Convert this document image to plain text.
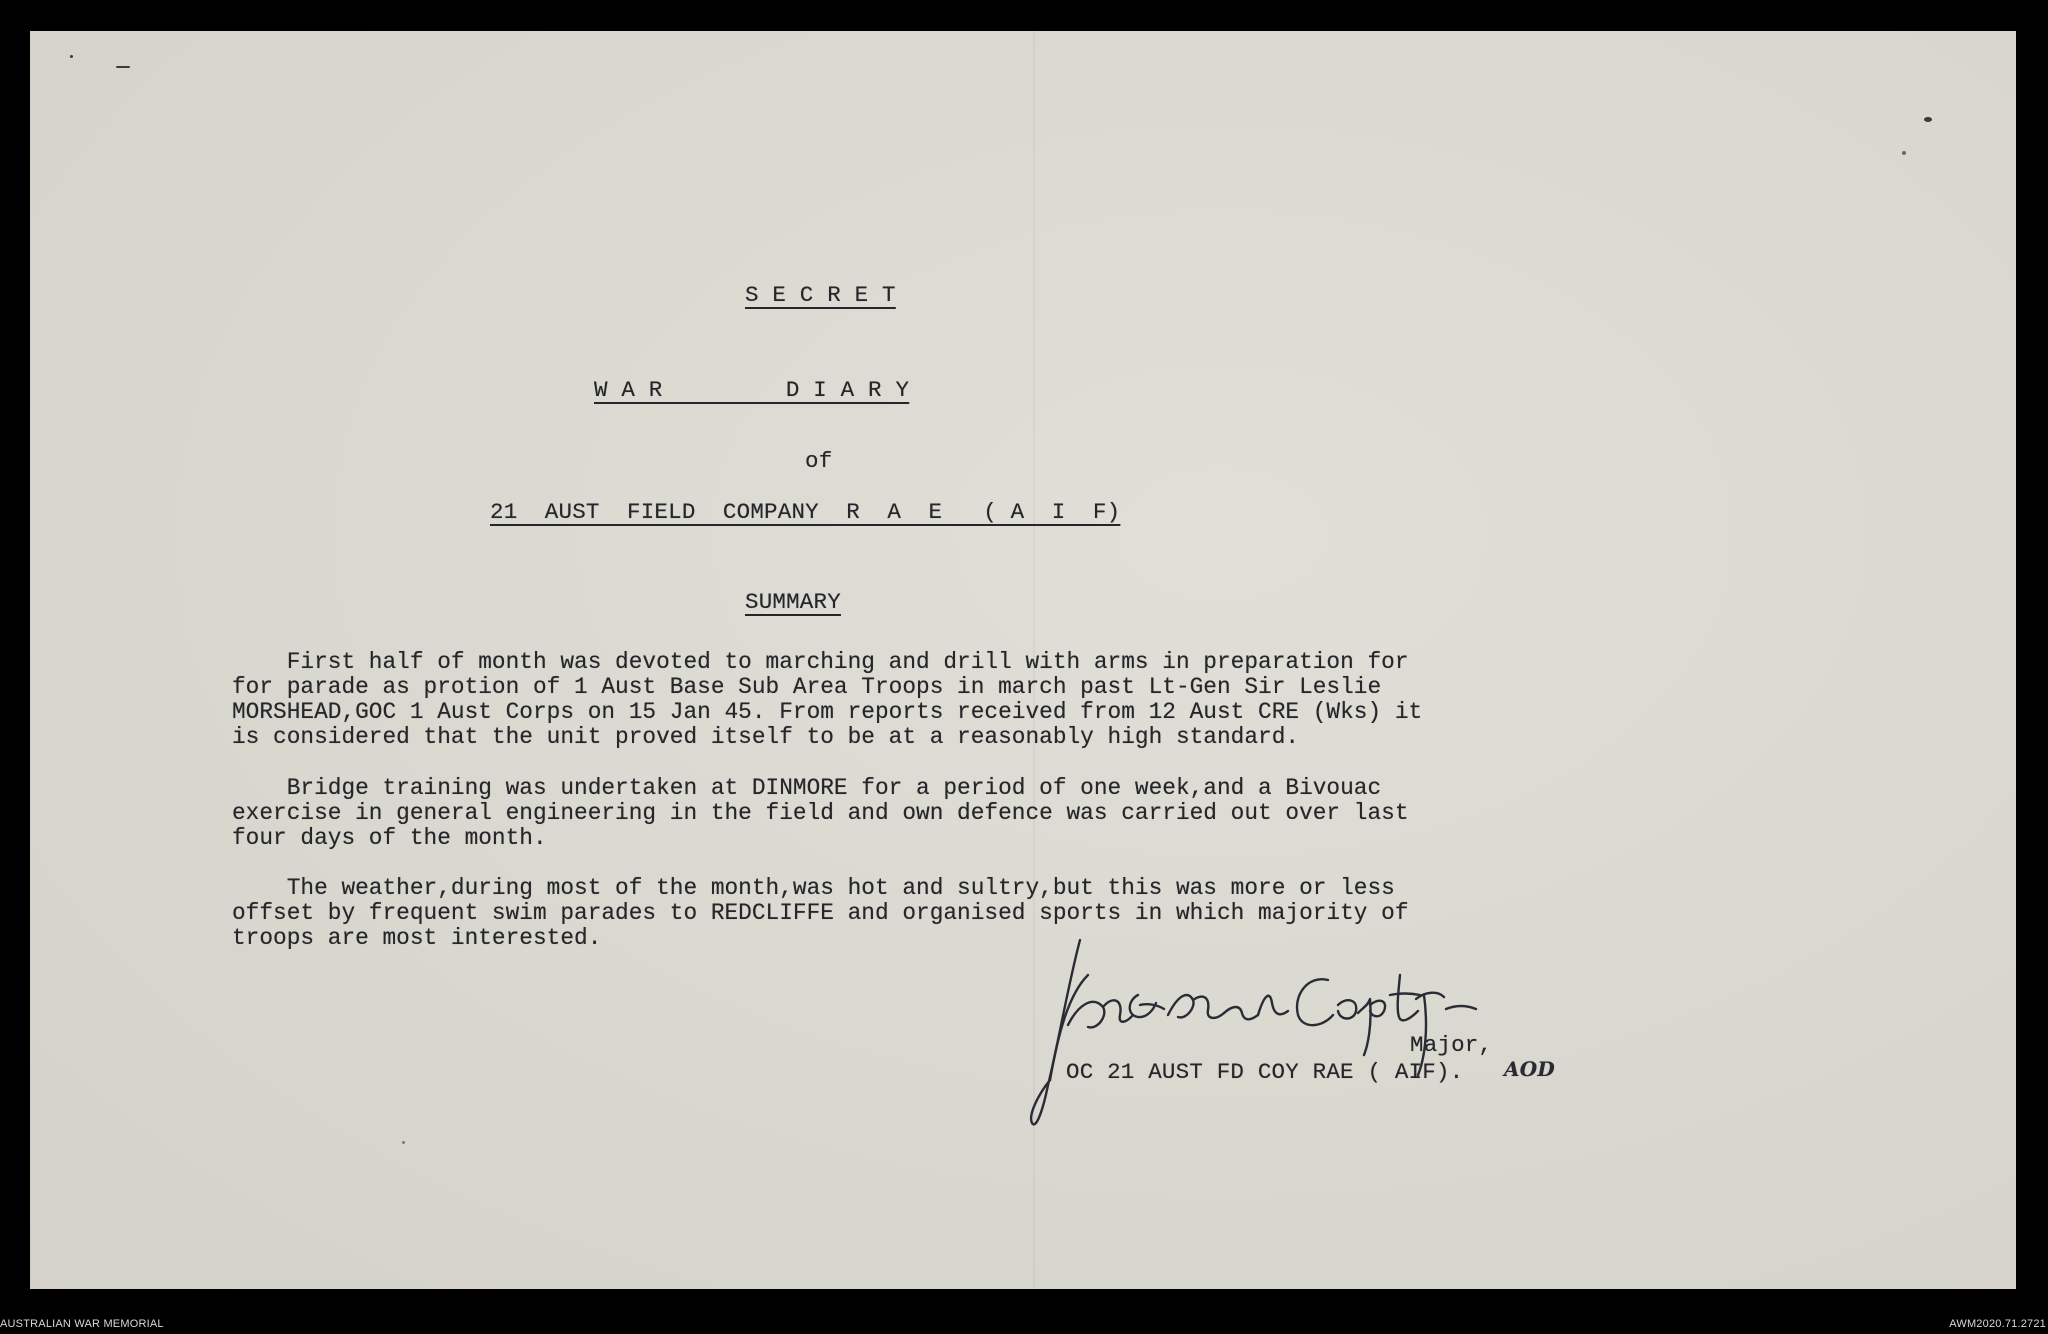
S E C R E T
W A R         D I A R Y
of
21  AUST  FIELD  COMPANY  R  A  E   ( A  I  F)
SUMMARY
First half of month was devoted to marching and drill with arms in preparation for
for parade as protion of 1 Aust Base Sub Area Troops in march past Lt-Gen Sir Leslie
MORSHEAD,GOC 1 Aust Corps on 15 Jan 45. From reports received from 12 Aust CRE (Wks) it
is considered that the unit proved itself to be at a reasonably high standard.
Bridge training was undertaken at DINMORE for a period of one week,and a Bivouac
exercise in general engineering in the field and own defence was carried out over last
four days of the month.
The weather,during most of the month,was hot and sultry,but this was more or less
offset by frequent swim parades to REDCLIFFE and organised sports in which majority of
troops are most interested.
Major,
OC 21 AUST FD COY RAE ( AIF). AOD
AUSTRALIAN WAR MEMORIAL	AWM2020.71.2721
